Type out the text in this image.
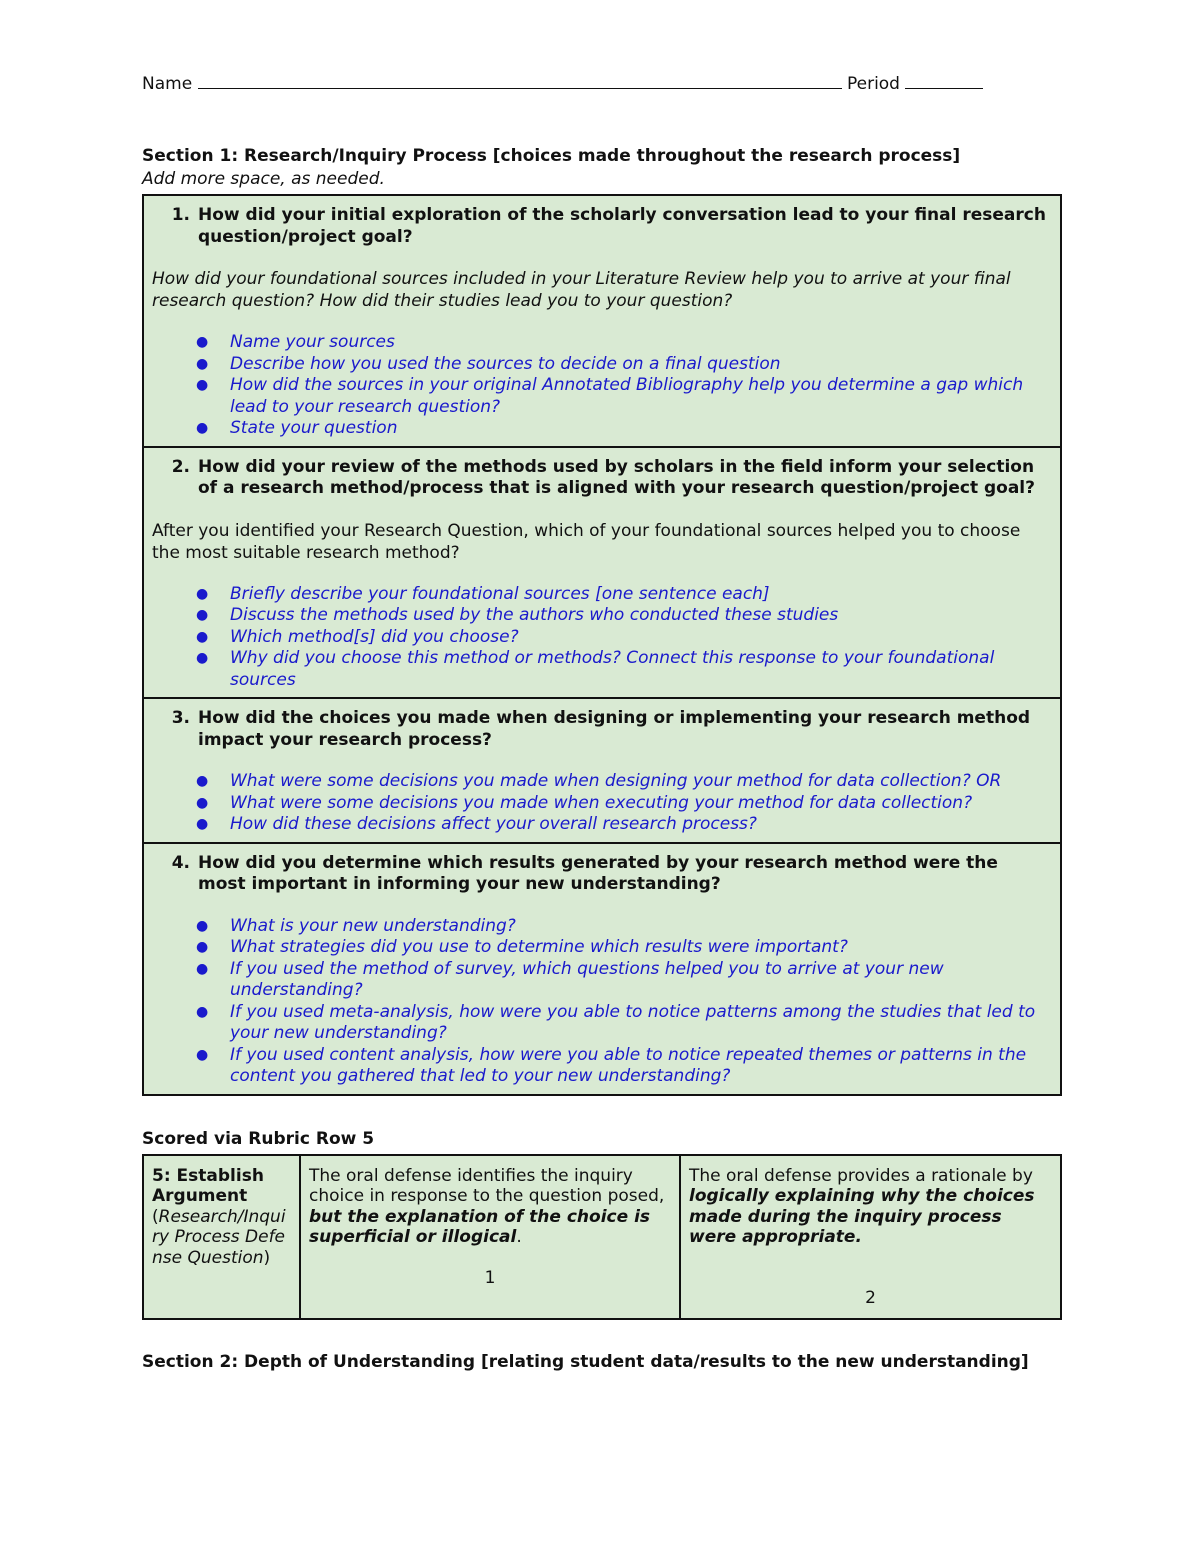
Name	Period
Section 1: Research/Inquiry Process [choices made throughout the research process]
Add more space, as needed.
1. How did your initial exploration of the scholarly conversation lead to your final research question/project goal?
How did your foundational sources included in your Literature Review help you to arrive at your final research question? How did their studies lead you to your question?
●
Name your sources
●
Describe how you used the sources to decide on a final question
●
How did the sources in your original Annotated Bibliography help you determine a gap which lead to your research question?
●
State your question
2. How did your review of the methods used by scholars in the field inform your selection of a research method/process that is aligned with your research question/project goal?
After you identified your Research Question, which of your foundational sources helped you to choose the most suitable research method?
●
Briefly describe your foundational sources [one sentence each]
●
Discuss the methods used by the authors who conducted these studies
●
Which method[s] did you choose?
●
Why did you choose this method or methods? Connect this response to your foundational sources
3. How did the choices you made when designing or implementing your research method impact your research process?
●
What were some decisions you made when designing your method for data collection? OR
●
What were some decisions you made when executing your method for data collection?
●
How did these decisions affect your overall research process?
4. How did you determine which results generated by your research method were the most important in informing your new understanding?
●
What is your new understanding?
●
What strategies did you use to determine which results were important?
●
If you used the method of survey, which questions helped you to arrive at your new understanding?
●
If you used meta-analysis, how were you able to notice patterns among the studies that led to your new understanding?
●
If you used content analysis, how were you able to notice repeated themes or patterns in the content you gathered that led to your new understanding?
Scored via Rubric Row 5
5: Establish Argument
(Research/Inquiry Process Defense Question)
The oral defense identifies the inquiry choice in response to the question posed, but the explanation of the choice is superficial or illogical.
1
The oral defense provides a rationale by logically explaining why the choices made during the inquiry process were appropriate.
2
Section 2: Depth of Understanding [relating student data/results to the new understanding]
